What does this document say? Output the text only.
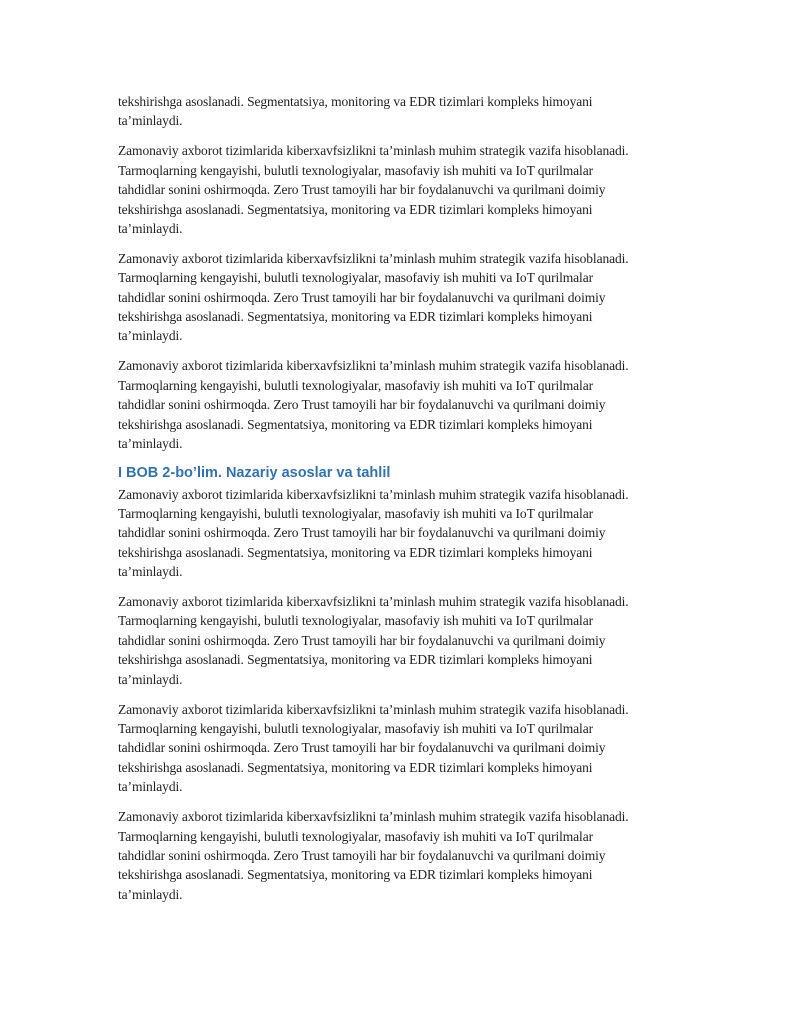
tekshirishga asoslanadi. Segmentatsiya, monitoring va EDR tizimlari kompleks himoyani
ta’minlaydi.

Zamonaviy axborot tizimlarida kiberxavfsizlikni ta’minlash muhim strategik vazifa hisoblanadi.
Tarmoqlarning kengayishi, bulutli texnologiyalar, masofaviy ish muhiti va IoT qurilmalar
tahdidlar sonini oshirmoqda. Zero Trust tamoyili har bir foydalanuvchi va qurilmani doimiy
tekshirishga asoslanadi. Segmentatsiya, monitoring va EDR tizimlari kompleks himoyani
ta’minlaydi.

Zamonaviy axborot tizimlarida kiberxavfsizlikni ta’minlash muhim strategik vazifa hisoblanadi.
Tarmoqlarning kengayishi, bulutli texnologiyalar, masofaviy ish muhiti va IoT qurilmalar
tahdidlar sonini oshirmoqda. Zero Trust tamoyili har bir foydalanuvchi va qurilmani doimiy
tekshirishga asoslanadi. Segmentatsiya, monitoring va EDR tizimlari kompleks himoyani
ta’minlaydi.

Zamonaviy axborot tizimlarida kiberxavfsizlikni ta’minlash muhim strategik vazifa hisoblanadi.
Tarmoqlarning kengayishi, bulutli texnologiyalar, masofaviy ish muhiti va IoT qurilmalar
tahdidlar sonini oshirmoqda. Zero Trust tamoyili har bir foydalanuvchi va qurilmani doimiy
tekshirishga asoslanadi. Segmentatsiya, monitoring va EDR tizimlari kompleks himoyani
ta’minlaydi.

I BOB 2-bo’lim. Nazariy asoslar va tahlil

Zamonaviy axborot tizimlarida kiberxavfsizlikni ta’minlash muhim strategik vazifa hisoblanadi.
Tarmoqlarning kengayishi, bulutli texnologiyalar, masofaviy ish muhiti va IoT qurilmalar
tahdidlar sonini oshirmoqda. Zero Trust tamoyili har bir foydalanuvchi va qurilmani doimiy
tekshirishga asoslanadi. Segmentatsiya, monitoring va EDR tizimlari kompleks himoyani
ta’minlaydi.

Zamonaviy axborot tizimlarida kiberxavfsizlikni ta’minlash muhim strategik vazifa hisoblanadi.
Tarmoqlarning kengayishi, bulutli texnologiyalar, masofaviy ish muhiti va IoT qurilmalar
tahdidlar sonini oshirmoqda. Zero Trust tamoyili har bir foydalanuvchi va qurilmani doimiy
tekshirishga asoslanadi. Segmentatsiya, monitoring va EDR tizimlari kompleks himoyani
ta’minlaydi.

Zamonaviy axborot tizimlarida kiberxavfsizlikni ta’minlash muhim strategik vazifa hisoblanadi.
Tarmoqlarning kengayishi, bulutli texnologiyalar, masofaviy ish muhiti va IoT qurilmalar
tahdidlar sonini oshirmoqda. Zero Trust tamoyili har bir foydalanuvchi va qurilmani doimiy
tekshirishga asoslanadi. Segmentatsiya, monitoring va EDR tizimlari kompleks himoyani
ta’minlaydi.

Zamonaviy axborot tizimlarida kiberxavfsizlikni ta’minlash muhim strategik vazifa hisoblanadi.
Tarmoqlarning kengayishi, bulutli texnologiyalar, masofaviy ish muhiti va IoT qurilmalar
tahdidlar sonini oshirmoqda. Zero Trust tamoyili har bir foydalanuvchi va qurilmani doimiy
tekshirishga asoslanadi. Segmentatsiya, monitoring va EDR tizimlari kompleks himoyani
ta’minlaydi.
